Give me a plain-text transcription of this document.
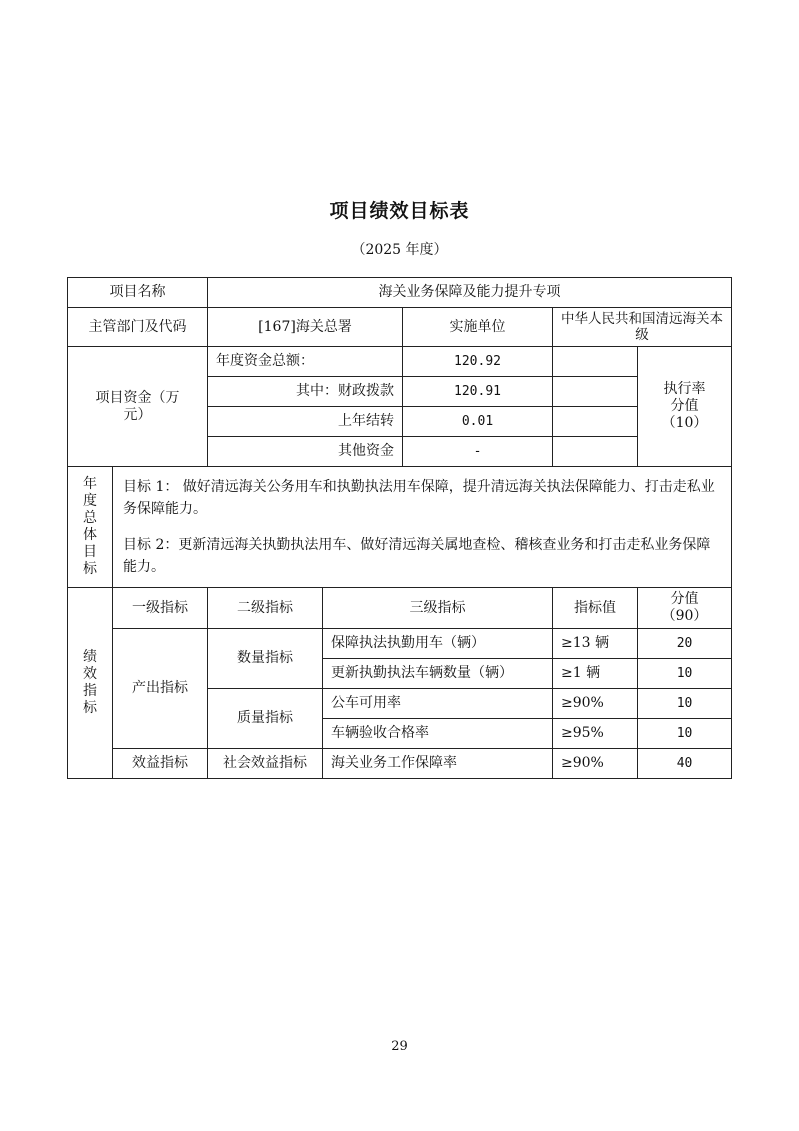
项目绩效目标表
（2025 年度）
项目名称		海关业务保障及能力提升专项				
主管部门及代码		[167]海关总署		实施单位	中华人民共和国清远海关本级	
项目资金（万元）		年度资金总额：		120.92		执行率分值（10）
		其中：财政拨款		120.91		
		上年结转		0.01		
		其他资金		-		

年度总体目标	目标 1： 做好清远海关公务用车和执勤执法用车保障，提升清远海关执法保障能力、打击走私业务保障能力。

目标 2：更新清远海关执勤执法用车、做好清远海关属地查检、稽核查业务和打击走私业务保障能力。					

绩效指标	一级指标	二级指标	三级指标		指标值	分值（90）
	产出指标	数量指标	保障执法执勤用车（辆）		≥13 辆	20
			更新执勤执法车辆数量（辆）		≥1 辆	10
		质量指标	公车可用率		≥90%	10
			车辆验收合格率		≥95%	10
	效益指标	社会效益指标	海关业务工作保障率		≥90%	40
29
